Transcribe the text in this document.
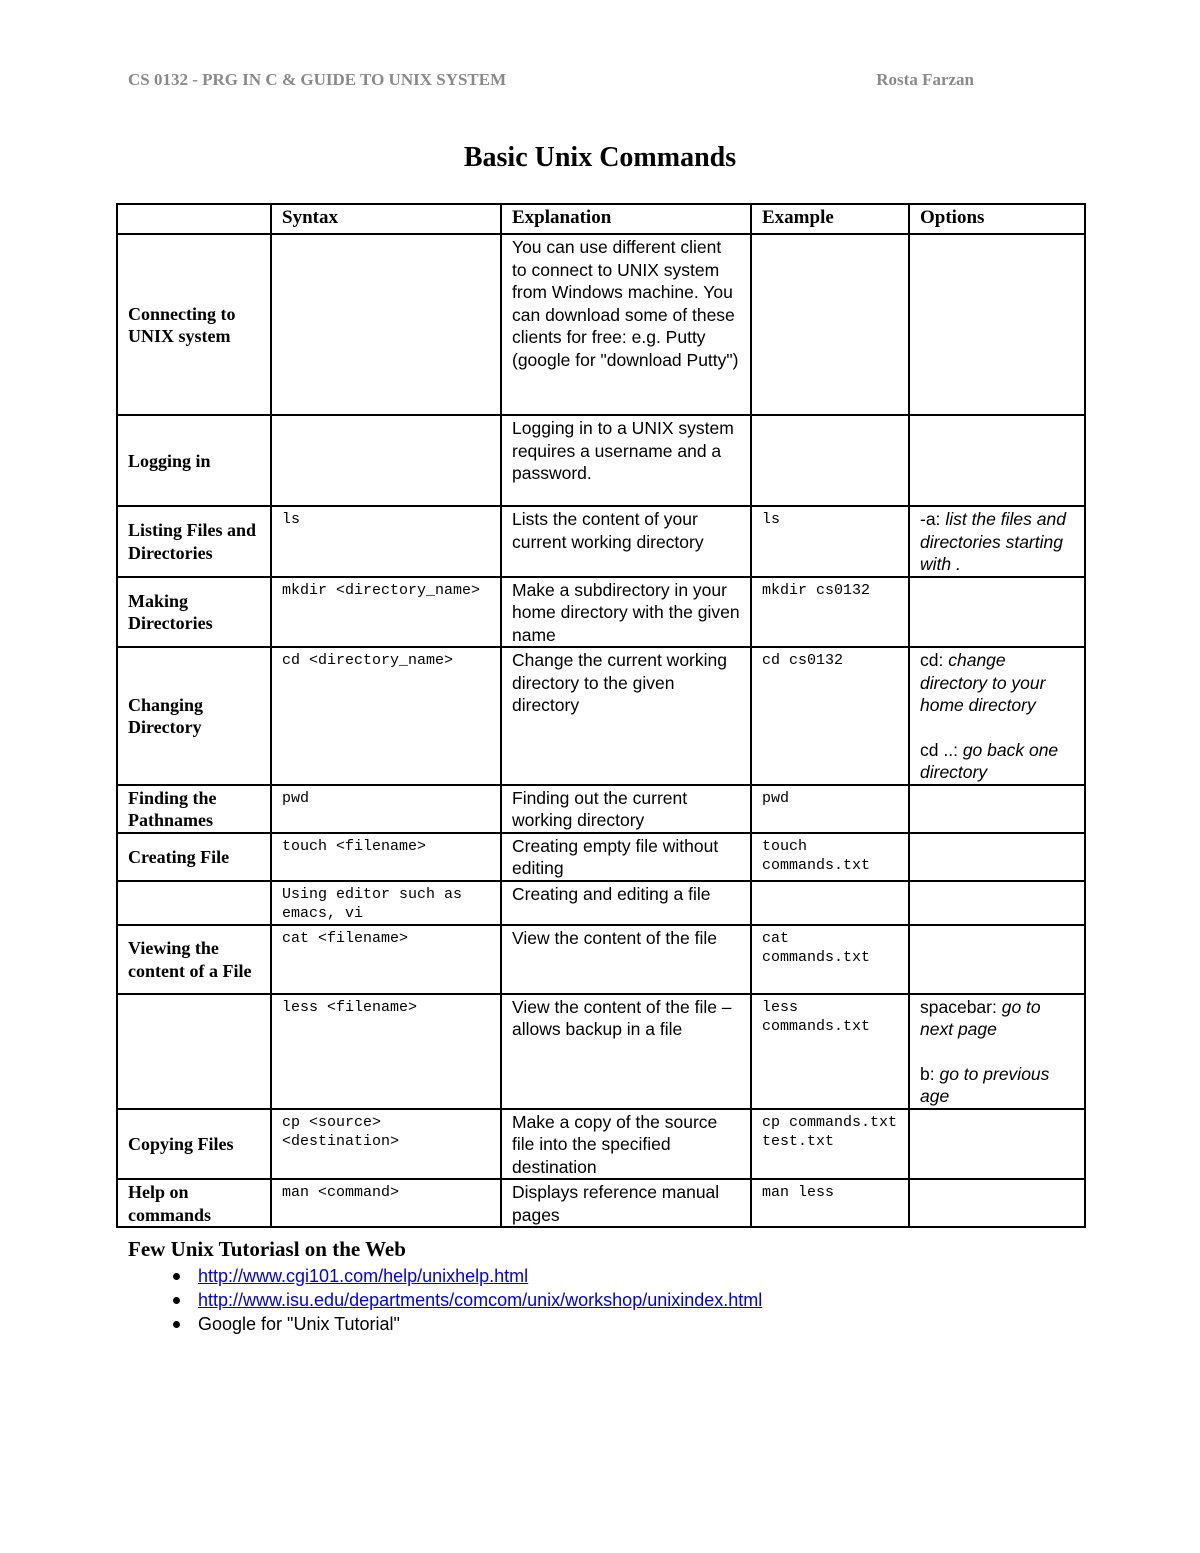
CS 0132 - PRG IN C & GUIDE TO UNIX SYSTEM	Rosta Farzan
Basic Unix Commands
	Syntax	Explanation	Example	Options
Connecting to UNIX system		You can use different client to connect to UNIX system from Windows machine. You can download some of these clients for free: e.g. Putty (google for "download Putty")		
Logging in		Logging in to a UNIX system requires a username and a password.		
Listing Files and Directories	ls	Lists the content of your current working directory	ls	-a: list the files and directories starting with .
Making Directories	mkdir <directory_name>	Make a subdirectory in your home directory with the given name	mkdir cs0132	
Changing Directory	cd <directory_name>	Change the current working directory to the given directory	cd cs0132	cd: change directory to your home directory
cd ..: go back one directory
Finding the Pathnames	pwd	Finding out the current working directory	pwd	
Creating File	touch <filename>	Creating empty file without editing	touch commands.txt	
	Using editor such as emacs, vi	Creating and editing a file		
Viewing the content of a File	cat <filename>	View the content of the file	cat commands.txt	
	less <filename>	View the content of the file – allows backup in a file	less commands.txt	spacebar: go to next page
b: go to previous age
Copying Files	cp <source> <destination>	Make a copy of the source file into the specified destination	cp commands.txt test.txt	
Help on commands	man <command>	Displays reference manual pages	man less	
Few Unix Tutoriasl on the Web
http://www.cgi101.com/help/unixhelp.html
http://www.isu.edu/departments/comcom/unix/workshop/unixindex.html
Google for "Unix Tutorial"
